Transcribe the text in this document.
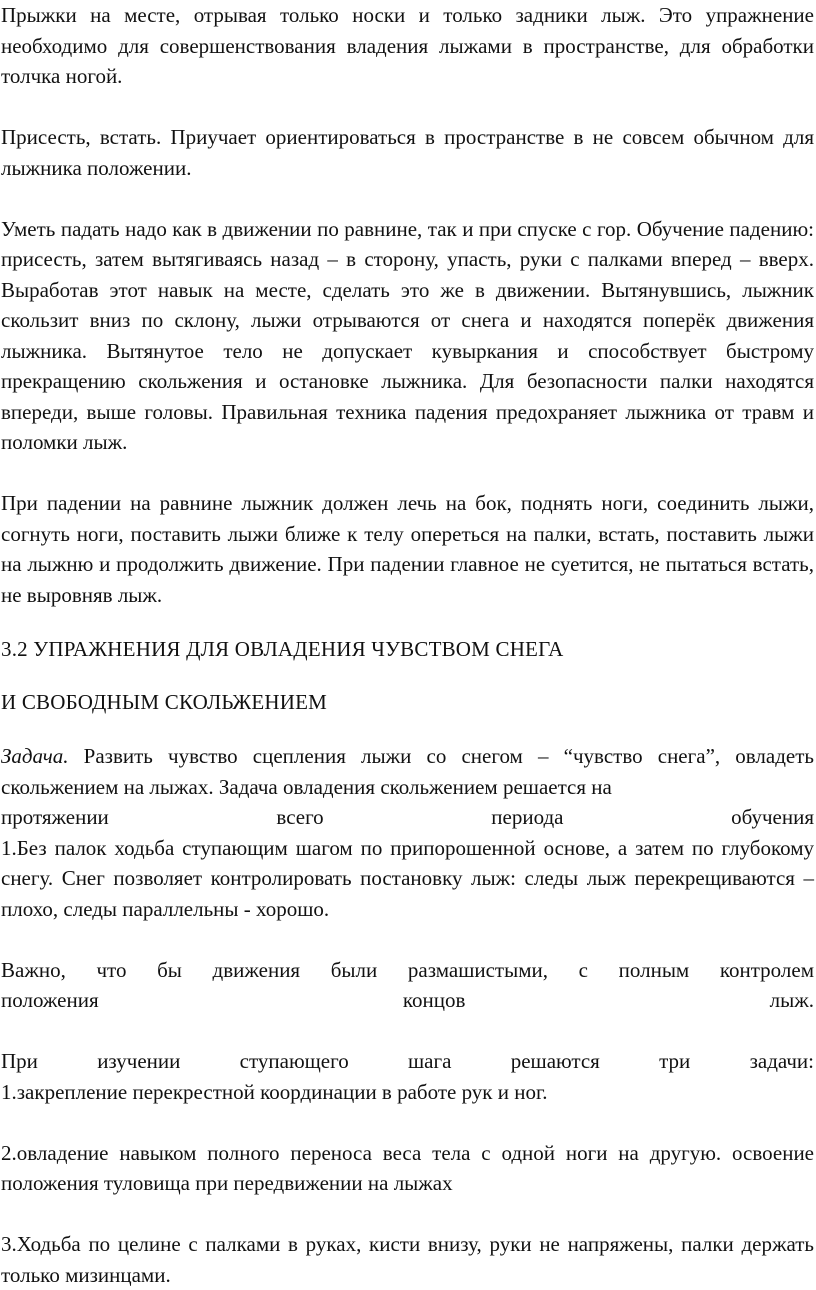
Прыжки на месте, отрывая только носки и только задники лыж. Это упражнение необходимо для совершенствования владения лыжами в пространстве, для обработки толчка ногой.

Присесть, встать. Приучает ориентироваться в пространстве в не совсем обычном для лыжника положении.

Уметь падать надо как в движении по равнине, так и при спуске с гор. Обучение падению: присесть, затем вытягиваясь назад – в сторону, упасть, руки с палками вперед – вверх. Выработав этот навык на месте, сделать это же в движении. Вытянувшись, лыжник скользит вниз по склону, лыжи отрываются от снега и находятся поперёк движения лыжника. Вытянутое тело не допускает кувыркания и способствует быстрому прекращению скольжения и остановке лыжника. Для безопасности палки находятся впереди, выше головы. Правильная техника падения предохраняет лыжника от травм и поломки лыж.

При падении на равнине лыжник должен лечь на бок, поднять ноги, соединить лыжи, согнуть ноги, поставить лыжи ближе к телу опереться на палки, встать, поставить лыжи на лыжню и продолжить движение. При падении главное не суетится, не пытаться встать, не выровняв лыж.

3.2 УПРАЖНЕНИЯ ДЛЯ ОВЛАДЕНИЯ ЧУВСТВОМ СНЕГА

И СВОБОДНЫМ СКОЛЬЖЕНИЕМ

Задача. Развить чувство сцепления лыжи со снегом – “чувство снега”, овладеть скольжением на лыжах. Задача овладения скольжением решается на
протяжении всего периода обучения
1.Без палок ходьба ступающим шагом по припорошенной основе, а затем по глубокому снегу. Снег позволяет контролировать постановку лыж: следы лыж перекрещиваются – плохо, следы параллельны - хорошо.
Важно, что бы движения были размашистыми, с полным контролем
положения концов лыж.
При изучении ступающего шага решаются три задачи:
1.закрепление перекрестной координации в работе рук и ног.

2.овладение навыком полного переноса веса тела с одной ноги на другую. освоение положения туловища при передвижении на лыжах

3.Ходьба по целине с палками в руках, кисти внизу, руки не напряжены, палки держать только мизинцами.
